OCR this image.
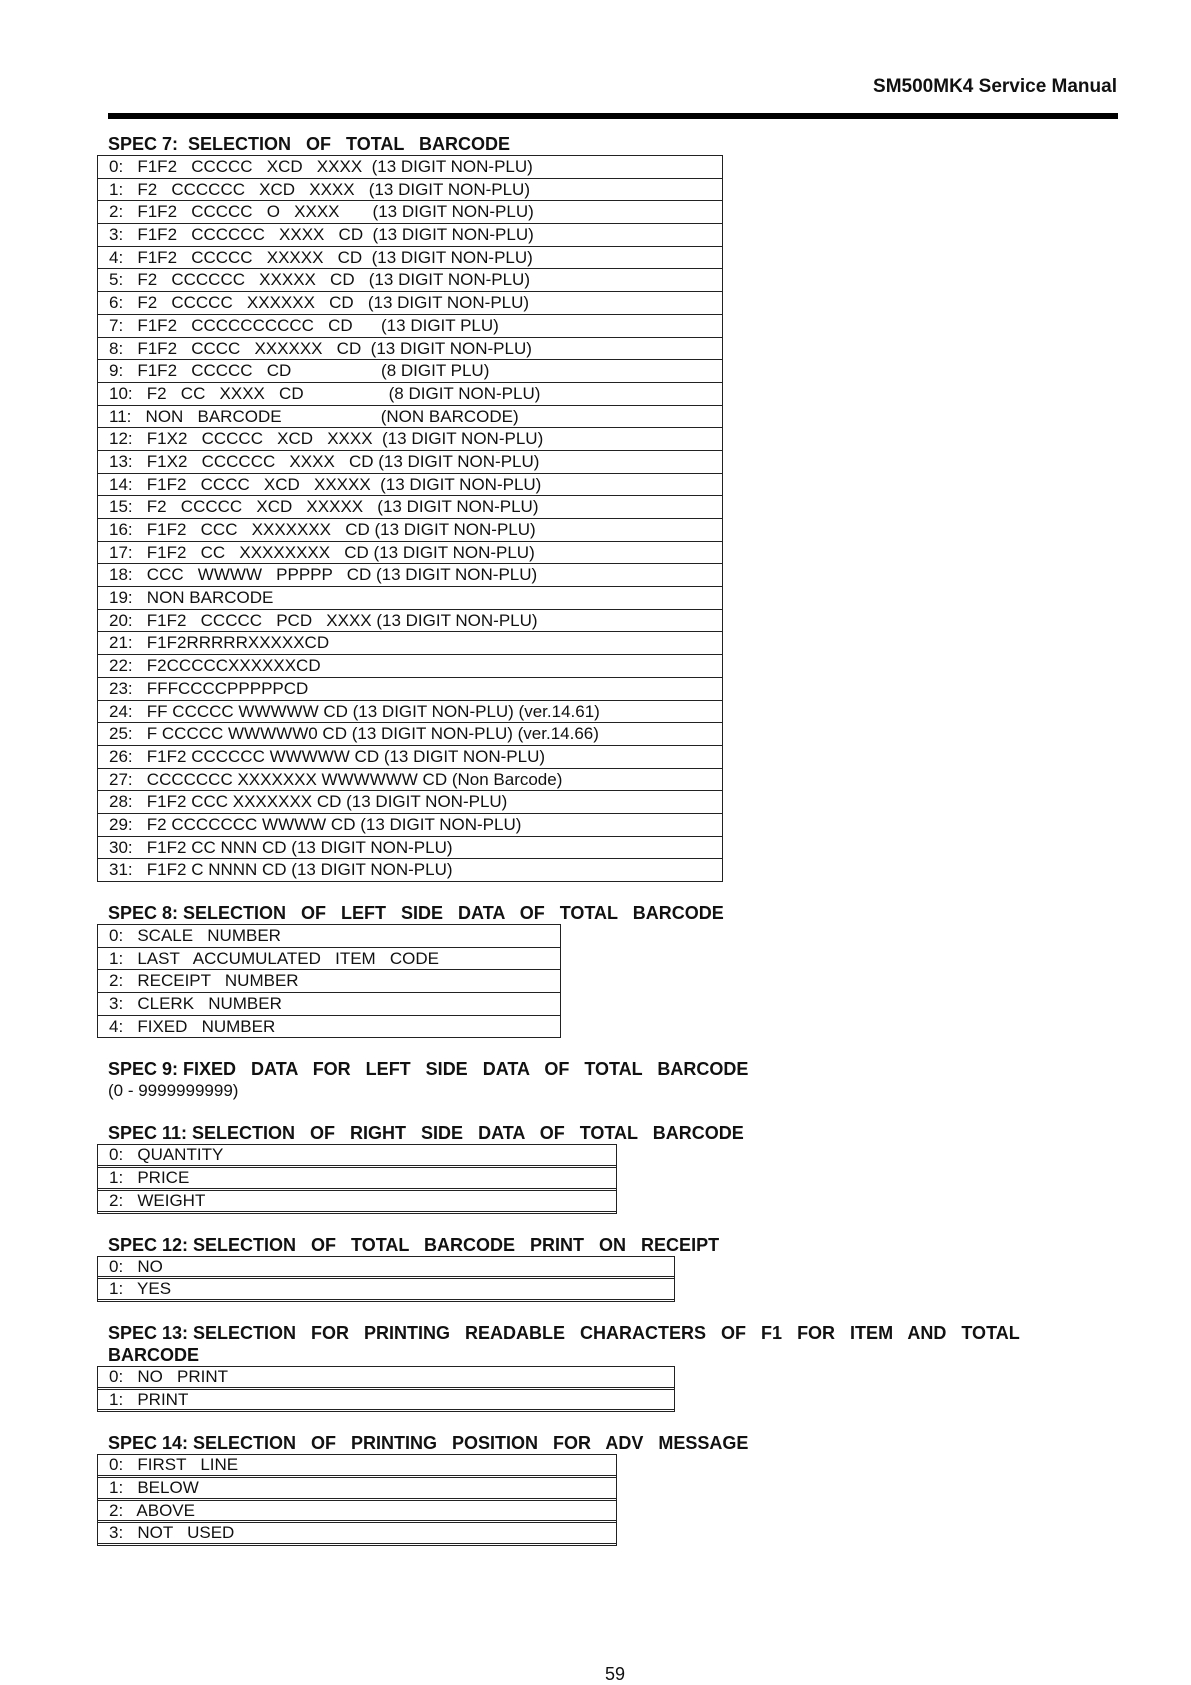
SM500MK4 Service Manual
SPEC 7:  SELECTION   OF   TOTAL   BARCODE
0:   F1F2   CCCCC   XCD   XXXX  (13 DIGIT NON-PLU)
1:   F2   CCCCCC   XCD   XXXX   (13 DIGIT NON-PLU)
2:   F1F2   CCCCC   O   XXXX       (13 DIGIT NON-PLU)
3:   F1F2   CCCCCC   XXXX   CD  (13 DIGIT NON-PLU)
4:   F1F2   CCCCC   XXXXX   CD  (13 DIGIT NON-PLU)
5:   F2   CCCCCC   XXXXX   CD   (13 DIGIT NON-PLU)
6:   F2   CCCCC   XXXXXX   CD   (13 DIGIT NON-PLU)
7:   F1F2   CCCCCCCCCC   CD      (13 DIGIT PLU)
8:   F1F2   CCCC   XXXXXX   CD  (13 DIGIT NON-PLU)
9:   F1F2   CCCCC   CD                   (8 DIGIT PLU)
10:   F2   CC   XXXX   CD                  (8 DIGIT NON-PLU)
11:   NON   BARCODE                     (NON BARCODE)
12:   F1X2   CCCCC   XCD   XXXX  (13 DIGIT NON-PLU)
13:   F1X2   CCCCCC   XXXX   CD (13 DIGIT NON-PLU)
14:   F1F2   CCCC   XCD   XXXXX  (13 DIGIT NON-PLU)
15:   F2   CCCCC   XCD   XXXXX   (13 DIGIT NON-PLU)
16:   F1F2   CCC   XXXXXXX   CD (13 DIGIT NON-PLU)
17:   F1F2   CC   XXXXXXXX   CD (13 DIGIT NON-PLU)
18:   CCC   WWWW   PPPPP   CD (13 DIGIT NON-PLU)
19:   NON BARCODE
20:   F1F2   CCCCC   PCD   XXXX (13 DIGIT NON-PLU)
21:   F1F2RRRRRXXXXXCD
22:   F2CCCCCXXXXXXCD
23:   FFFCCCCPPPPPCD
24:   FF CCCCC WWWWW CD (13 DIGIT NON-PLU) (ver.14.61)
25:   F CCCCC WWWWW0 CD (13 DIGIT NON-PLU) (ver.14.66)
26:   F1F2 CCCCCC WWWWW CD (13 DIGIT NON-PLU)
27:   CCCCCCC XXXXXXX WWWWWW CD (Non Barcode)
28:   F1F2 CCC XXXXXXX CD (13 DIGIT NON-PLU)
29:   F2 CCCCCCC WWWW CD (13 DIGIT NON-PLU)
30:   F1F2 CC NNN CD (13 DIGIT NON-PLU)
31:   F1F2 C NNNN CD (13 DIGIT NON-PLU)
SPEC 8: SELECTION   OF   LEFT   SIDE   DATA   OF   TOTAL   BARCODE
0:   SCALE   NUMBER
1:   LAST   ACCUMULATED   ITEM   CODE
2:   RECEIPT   NUMBER
3:   CLERK   NUMBER
4:   FIXED   NUMBER
SPEC 9: FIXED   DATA   FOR   LEFT   SIDE   DATA   OF   TOTAL   BARCODE
(0 - 9999999999)
SPEC 11: SELECTION   OF   RIGHT   SIDE   DATA   OF   TOTAL   BARCODE
0:   QUANTITY
1:   PRICE
2:   WEIGHT
SPEC 12: SELECTION   OF   TOTAL   BARCODE   PRINT   ON   RECEIPT
0:   NO
1:   YES
SPEC 13: SELECTION   FOR   PRINTING   READABLE   CHARACTERS   OF   F1   FOR   ITEM   AND   TOTAL   BARCODE
0:   NO   PRINT
1:   PRINT
SPEC 14: SELECTION   OF   PRINTING   POSITION   FOR   ADV   MESSAGE
0:   FIRST   LINE
1:   BELOW
2:   ABOVE
3:   NOT   USED
59
